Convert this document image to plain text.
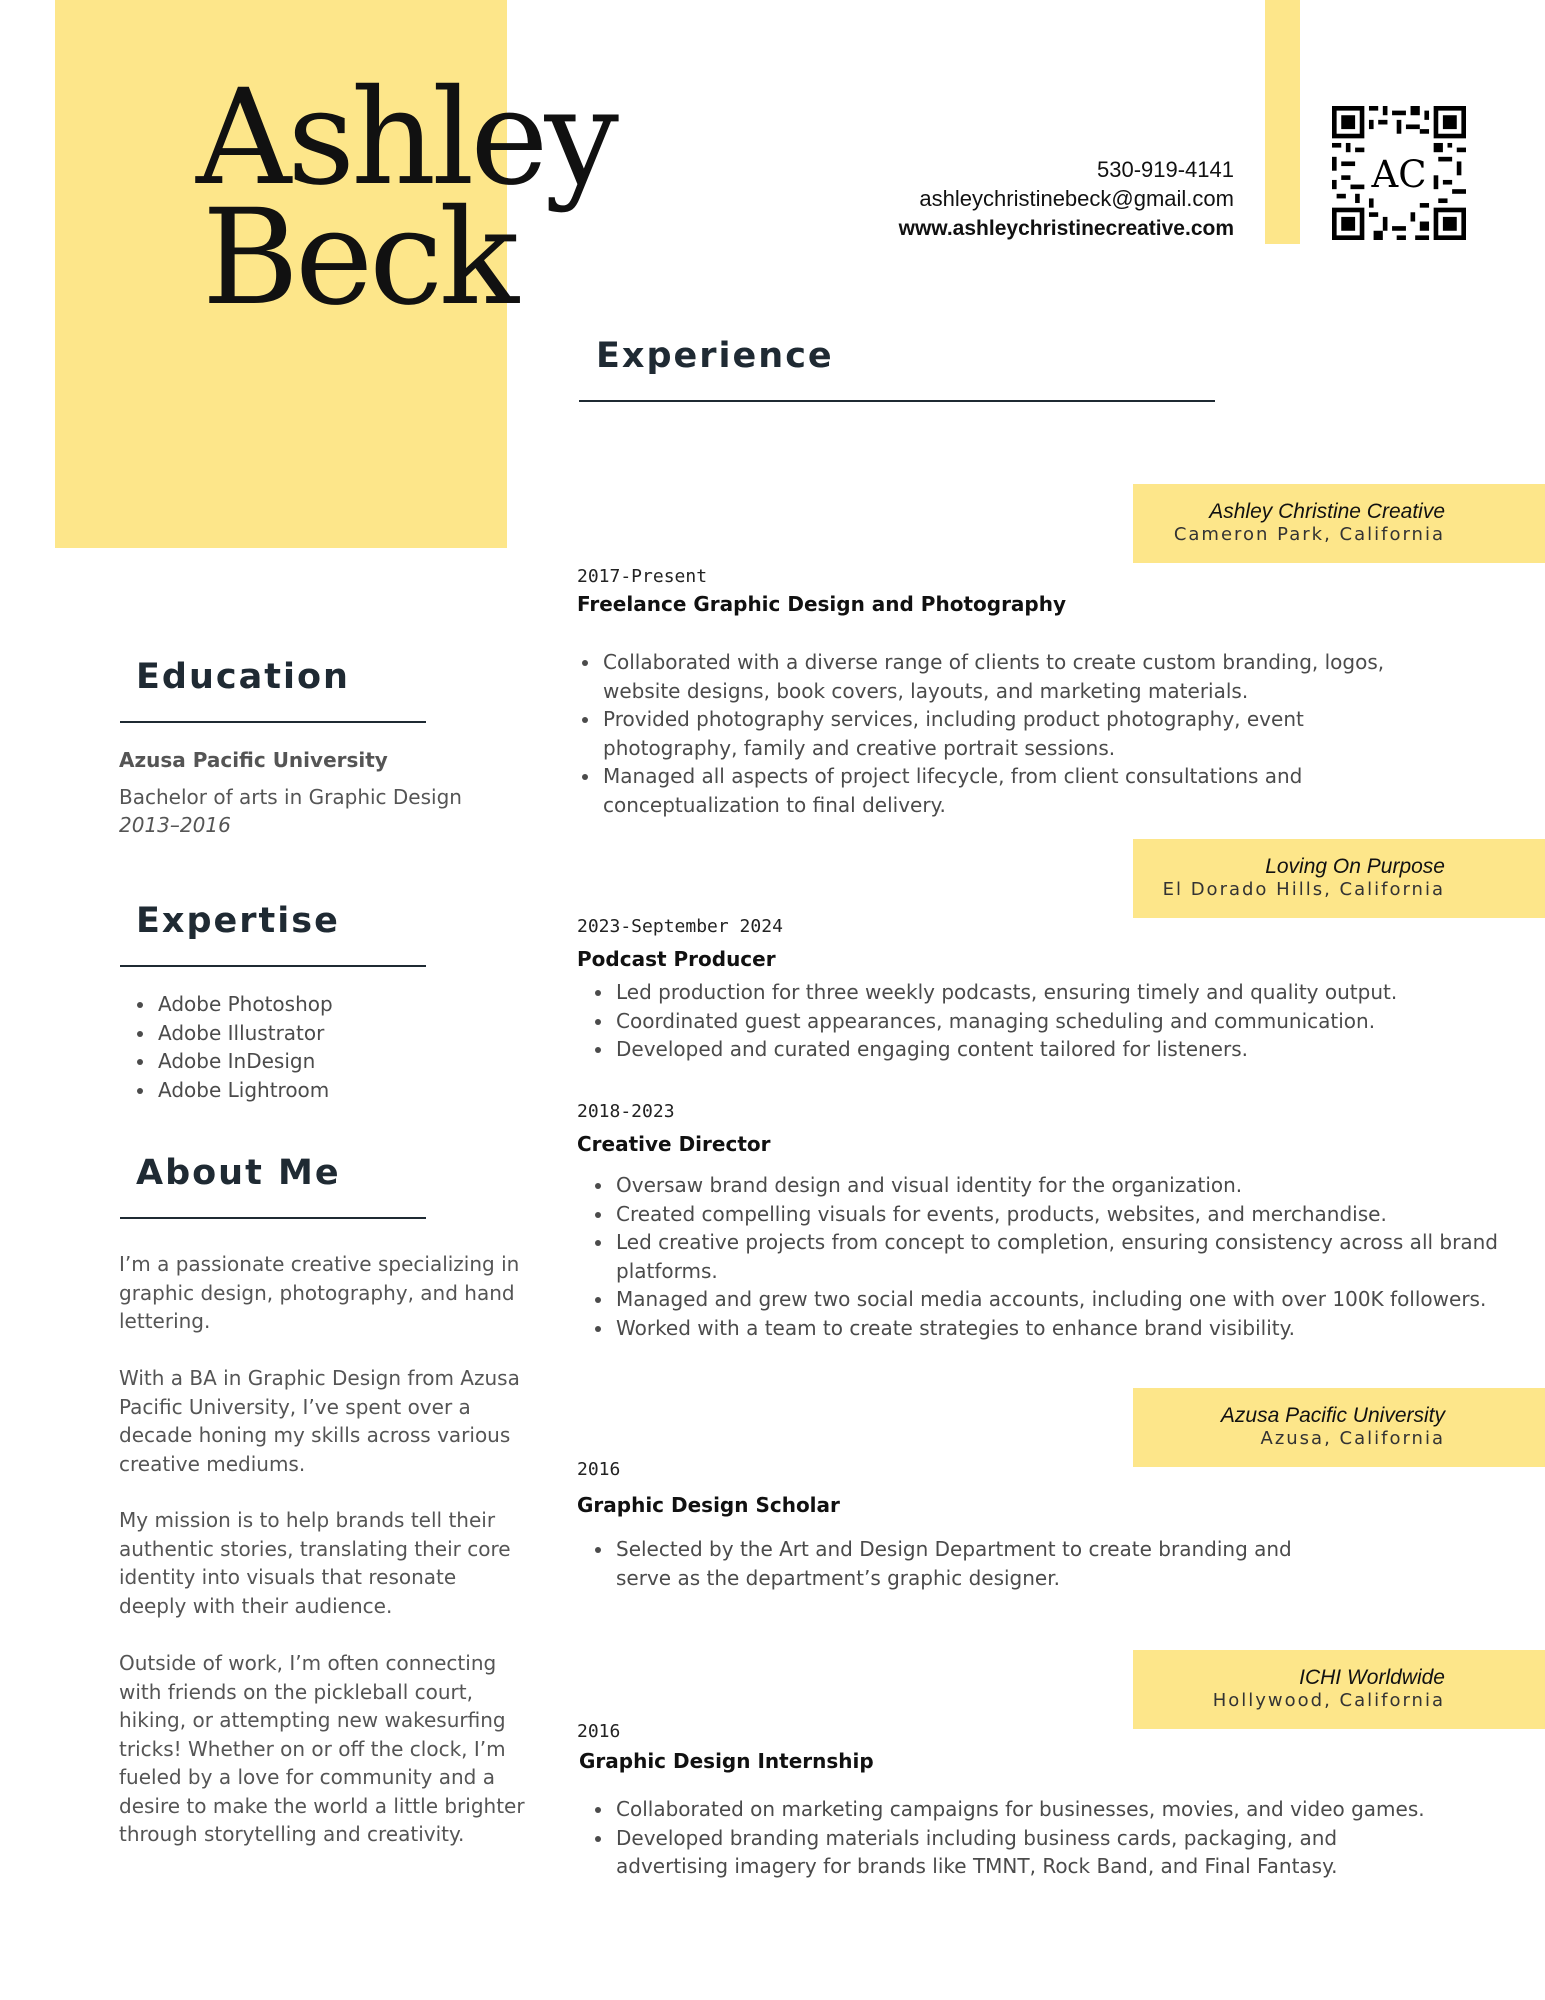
Ashley
Beck
530-919-4141
ashleychristinebeck@gmail.com
www.ashleychristinecreative.com
AC
Experience
Ashley Christine Creative
Cameron Park, California
2017-Present
Freelance Graphic Design and Photography
• Collaborated with a diverse range of clients to create custom branding, logos, website designs, book covers, layouts, and marketing materials.
• Provided photography services, including product photography, event photography, family and creative portrait sessions.
• Managed all aspects of project lifecycle, from client consultations and conceptualization to final delivery.
Loving On Purpose
El Dorado Hills, California
2023-September 2024
Podcast Producer
• Led production for three weekly podcasts, ensuring timely and quality output.
• Coordinated guest appearances, managing scheduling and communication.
• Developed and curated engaging content tailored for listeners.
2018-2023
Creative Director
• Oversaw brand design and visual identity for the organization.
• Created compelling visuals for events, products, websites, and merchandise.
• Led creative projects from concept to completion, ensuring consistency across all brand platforms.
• Managed and grew two social media accounts, including one with over 100K followers.
• Worked with a team to create strategies to enhance brand visibility.
Azusa Pacific University
Azusa, California
2016
Graphic Design Scholar
• Selected by the Art and Design Department to create branding and serve as the department’s graphic designer.
ICHI Worldwide
Hollywood, California
2016
Graphic Design Internship
• Collaborated on marketing campaigns for businesses, movies, and video games.
• Developed branding materials including business cards, packaging, and advertising imagery for brands like TMNT, Rock Band, and Final Fantasy.
Education
Azusa Pacific University
Bachelor of arts in Graphic Design
2013–2016
Expertise
• Adobe Photoshop
• Adobe Illustrator
• Adobe InDesign
• Adobe Lightroom
About Me
I’m a passionate creative specializing in graphic design, photography, and hand lettering.
With a BA in Graphic Design from Azusa Pacific University, I’ve spent over a decade honing my skills across various creative mediums.
My mission is to help brands tell their authentic stories, translating their core identity into visuals that resonate deeply with their audience.
Outside of work, I’m often connecting with friends on the pickleball court, hiking, or attempting new wakesurfing tricks! Whether on or off the clock, I’m fueled by a love for community and a desire to make the world a little brighter through storytelling and creativity.
